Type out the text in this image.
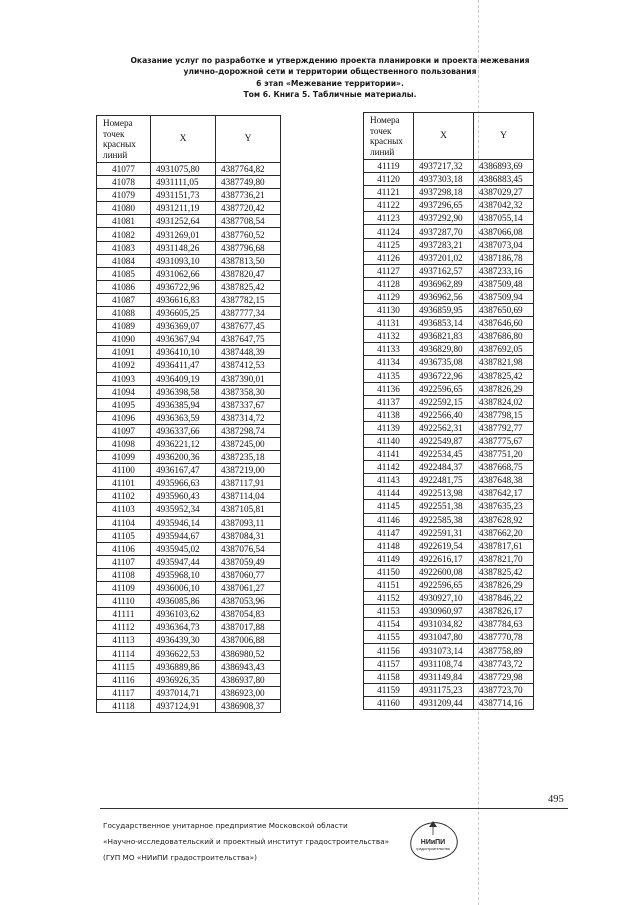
Оказание услуг по разработке и утверждению проекта планировки и проекта межевания
улично-дорожной сети и территории общественного пользования
6 этап «Межевание территории».
Том 6. Книга 5. Табличные материалы.
Номера точек красных линий	X	Y
41077	4931075,80	4387764,82
41078	4931111,05	4387749,80
41079	4931151,73	4387736,21
41080	4931211,19	4387720,42
41081	4931252,64	4387708,54
41082	4931269,01	4387760,52
41083	4931148,26	4387796,68
41084	4931093,10	4387813,50
41085	4931062,66	4387820,47
41086	4936722,96	4387825,42
41087	4936616,83	4387782,15
41088	4936605,25	4387777,34
41089	4936369,07	4387677,45
41090	4936367,94	4387647,75
41091	4936410,10	4387448,39
41092	4936411,47	4387412,53
41093	4936409,19	4387390,01
41094	4936398,58	4387358,30
41095	4936385,94	4387337,67
41096	4936363,59	4387314,72
41097	4936337,66	4387298,74
41098	4936221,12	4387245,00
41099	4936200,36	4387235,18
41100	4936167,47	4387219,00
41101	4935966,63	4387117,91
41102	4935960,43	4387114,04
41103	4935952,34	4387105,81
41104	4935946,14	4387093,11
41105	4935944,67	4387084,31
41106	4935945,02	4387076,54
41107	4935947,44	4387059,49
41108	4935968,10	4387060,77
41109	4936006,10	4387061,27
41110	4936085,86	4387053,96
41111	4936103,62	4387054,83
41112	4936364,73	4387017,88
41113	4936439,30	4387006,88
41114	4936622,53	4386980,52
41115	4936889,86	4386943,43
41116	4936926,35	4386937,80
41117	4937014,71	4386923,00
41118	4937124,91	4386908,37
Номера точек красных линий	X	Y
41119	4937217,32	4386893,69
41120	4937303,18	4386883,45
41121	4937298,18	4387029,27
41122	4937296,65	4387042,32
41123	4937292,90	4387055,14
41124	4937287,70	4387066,08
41125	4937283,21	4387073,04
41126	4937201,02	4387186,78
41127	4937162,57	4387233,16
41128	4936962,89	4387509,48
41129	4936962,56	4387509,94
41130	4936859,95	4387650,69
41131	4936853,14	4387646,60
41132	4936821,83	4387686,80
41133	4936829,80	4387692,05
41134	4936735,08	4387821,98
41135	4936722,96	4387825,42
41136	4922596,65	4387826,29
41137	4922592,15	4387824,02
41138	4922566,40	4387798,15
41139	4922562,31	4387792,77
41140	4922549,87	4387775,67
41141	4922534,45	4387751,20
41142	4922484,37	4387668,75
41143	4922481,75	4387648,38
41144	4922513,98	4387642,17
41145	4922551,38	4387635,23
41146	4922585,38	4387628,92
41147	4922591,31	4387662,20
41148	4922619,54	4387817,61
41149	4922616,17	4387821,70
41150	4922600,08	4387825,42
41151	4922596,65	4387826,29
41152	4930927,10	4387846,22
41153	4930960,97	4387826,17
41154	4931034,82	4387784,63
41155	4931047,80	4387770,78
41156	4931073,14	4387758,89
41157	4931108,74	4387743,72
41158	4931149,84	4387729,98
41159	4931175,23	4387723,70
41160	4931209,44	4387714,16
495
Государственное унитарное предприятие Московской области
«Научно-исследовательский и проектный институт градостроительства»
(ГУП МО «НИиПИ градостроительства»)
НИиПИ
градостроительства
